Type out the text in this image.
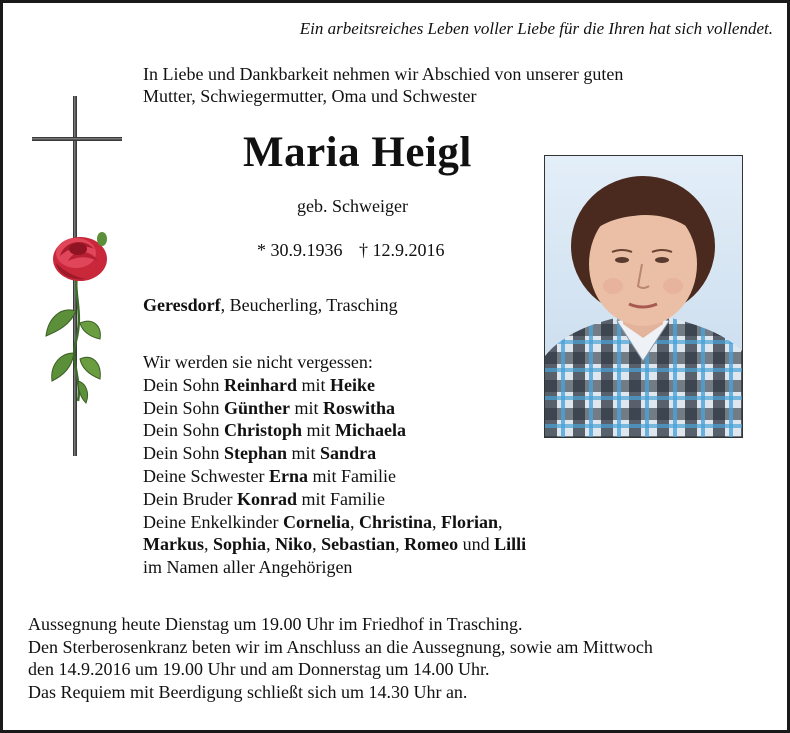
Ein arbeitsreiches Leben voller Liebe für die Ihren hat sich vollendet.
In Liebe und Dankbarkeit nehmen wir Abschied von unserer guten
Mutter, Schwiegermutter, Oma und Schwester
Maria Heigl
geb. Schweiger
* 30.9.1936 † 12.9.2016
Geresdorf, Beucherling, Trasching
Wir werden sie nicht vergessen:
Dein Sohn Reinhard mit Heike
Dein Sohn Günther mit Roswitha
Dein Sohn Christoph mit Michaela
Dein Sohn Stephan mit Sandra
Deine Schwester Erna mit Familie
Dein Bruder Konrad mit Familie
Deine Enkelkinder Cornelia, Christina, Florian,
Markus, Sophia, Niko, Sebastian, Romeo und Lilli
im Namen aller Angehörigen
Aussegnung heute Dienstag um 19.00 Uhr im Friedhof in Trasching.
Den Sterberosenkranz beten wir im Anschluss an die Aussegnung, sowie am Mittwoch
den 14.9.2016 um 19.00 Uhr und am Donnerstag um 14.00 Uhr.
Das Requiem mit Beerdigung schließt sich um 14.30 Uhr an.
